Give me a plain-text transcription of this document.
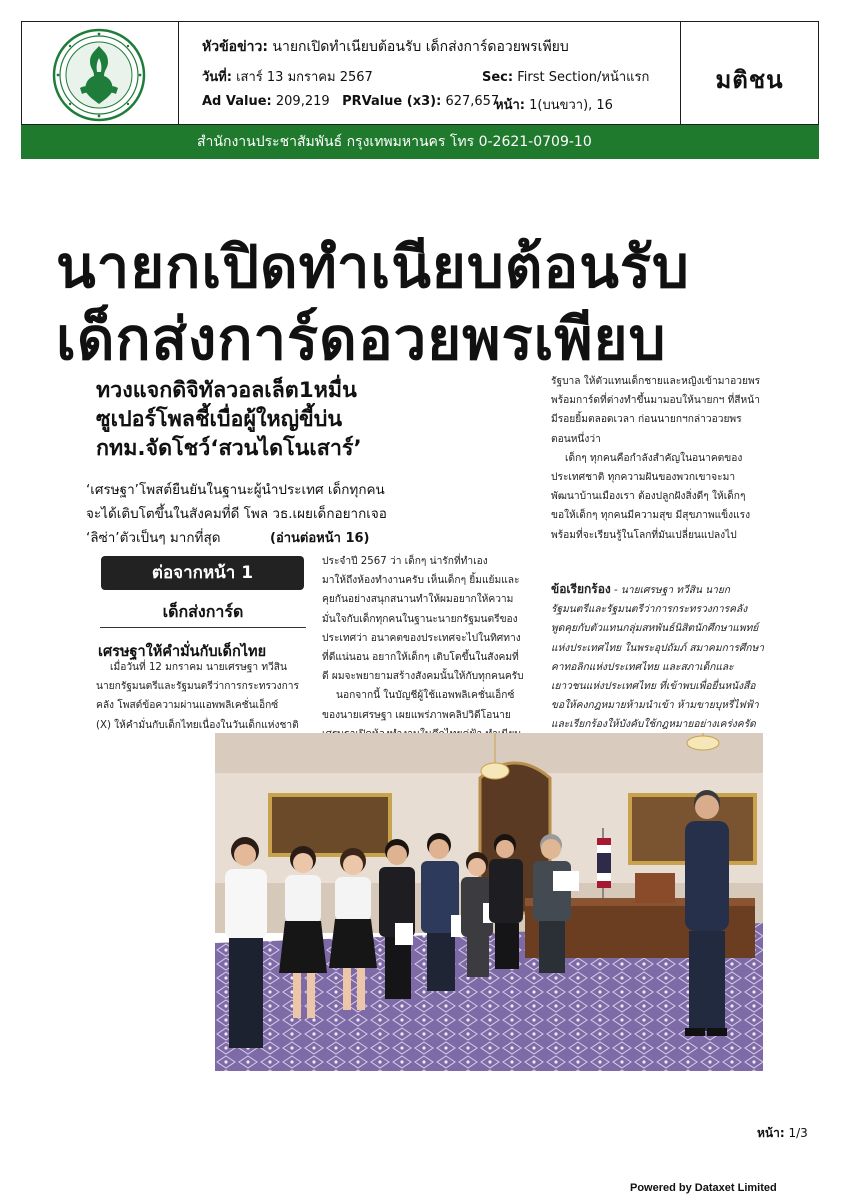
หัวข้อข่าว: นายกเปิดทำเนียบต้อนรับ เด็กส่งการ์ดอวยพรเพียบ
วันที่: เสาร์ 13 มกราคม 2567	Sec: First Section/หน้าแรก
Ad Value: 209,219 PRValue (x3): 627,657
หน้า: 1(บนขวา), 16
มติชน
สำนักงานประชาสัมพันธ์ กรุงเทพมหานคร โทร 0-2621-0709-10
นายกเปิดทำเนียบต้อนรับ
เด็กส่งการ์ดอวยพรเพียบ
ทวงแจกดิจิทัลวอลเล็ต1หมื่น
ซูเปอร์โพลชี้เบื่อผู้ใหญ่ขี้บ่น
กทม.จัดโชว์‘สวนไดโนเสาร์’
‘เศรษฐา’โพสต์ยืนยันในฐานะผู้นำประเทศ เด็กทุกคน
จะได้เติบโตขึ้นในสังคมที่ดี โพล วธ.เผยเด็กอยากเจอ
‘ลิซ่า’ตัวเป็นๆ มากที่สุด	(อ่านต่อหน้า 16)
ต่อจากหน้า 1
เด็กส่งการ์ด
เศรษฐาให้คำมั่นกับเด็กไทย
เมื่อวันที่ 12 มกราคม นายเศรษฐา ทวีสิน
นายกรัฐมนตรีและรัฐมนตรีว่าการกระทรวงการ
คลัง โพสต์ข้อความผ่านแอพพลิเคชั่นเอ็กซ์
(X) ให้คำมั่นกับเด็กไทยเนื่องในวันเด็กแห่งชาติ
ประจำปี 2567 ว่า เด็กๆ น่ารักที่ทำเอง
มาให้ถึงห้องทำงานครับ เห็นเด็กๆ ยิ้มแย้มและ
คุยกันอย่างสนุกสนานทำให้ผมอยากให้ความ
มั่นใจกับเด็กทุกคนในฐานะนายกรัฐมนตรีของ
ประเทศว่า อนาคตของประเทศจะไปในทิศทาง
ที่ดีแน่นอน อยากให้เด็กๆ เติบโตขึ้นในสังคมที่
ดี ผมจะพยายามสร้างสังคมนั้นให้กับทุกคนครับ
นอกจากนี้ ในบัญชีผู้ใช้แอพพลิเคชั่นเอ็กซ์
ของนายเศรษฐา เผยแพร่ภาพคลิปวิดีโอนาย
รัฐบาล ให้ตัวแทนเด็กชายและหญิงเข้ามาอวยพร
พร้อมการ์ดที่ต่างทำขึ้นมามอบให้นายกฯ ที่สีหน้า
มีรอยยิ้มตลอดเวลา ก่อนนายกฯกล่าวอวยพร
ตอนหนึ่งว่า
เด็กๆ ทุกคนคือกำลังสำคัญในอนาคตของ
ประเทศชาติ ทุกความฝันของพวกเขาจะมา
พัฒนาบ้านเมืองเรา ต้องปลูกฝังสิ่งดีๆ ให้เด็กๆ
ขอให้เด็กๆ ทุกคนมีความสุข มีสุขภาพแข็งแรง
พร้อมที่จะเรียนรู้ในโลกที่มันเปลี่ยนแปลงไป
ข้อเรียกร้อง - นายเศรษฐา ทวีสิน นายก
รัฐมนตรีและรัฐมนตรีว่าการกระทรวงการคลัง
พูดคุยกับตัวแทนกลุ่มสหพันธ์นิสิตนักศึกษาแพทย์
แห่งประเทศไทย ในพระอุปถัมภ์ สมาคมการศึกษา
คาทอลิกแห่งประเทศไทย และสภาเด็กและ
เยาวชนแห่งประเทศไทย ที่เข้าพบเพื่อยื่นหนังสือ
ขอให้คงกฎหมายห้ามนำเข้า ห้ามขายบุหรี่ไฟฟ้า
และเรียกร้องให้บังคับใช้กฎหมายอย่างเคร่งครัด
หน้า: 1/3
Powered by Dataxet Limited
